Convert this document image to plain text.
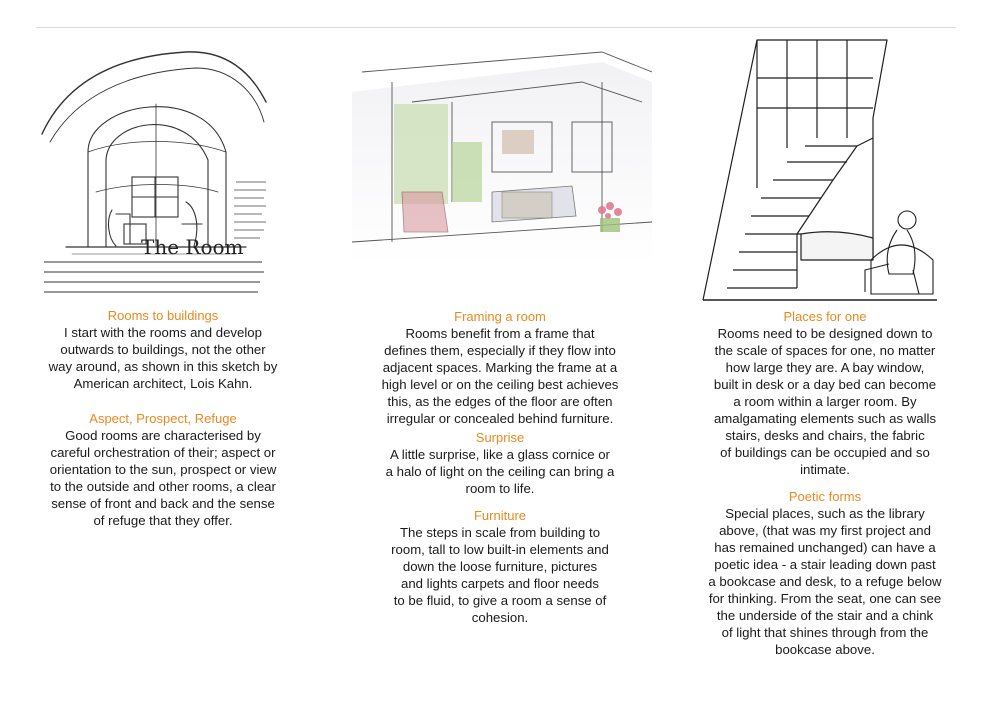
The Room
Rooms to buildings

I start with the rooms and develop
outwards to buildings, not the other
way around, as shown in this sketch by
American architect, Lois Kahn.

Aspect, Prospect, Refuge

Good rooms are characterised by
careful orchestration of their; aspect or
orientation to the sun, prospect or view
to the outside and other rooms, a clear
sense of front and back and the sense
of refuge that they offer.

Framing a room

Rooms benefit from a frame that
defines them, especially if they flow into
adjacent spaces. Marking the frame at a
high level or on the ceiling best achieves
this, as the edges of the floor are often
irregular or concealed behind furniture.

Surprise

A little surprise, like a glass cornice or
a halo of light on the ceiling can bring a
room to life.

Furniture

The steps in scale from building to
room, tall to low built-in elements and
down the loose furniture, pictures
and lights carpets and floor needs
to be fluid, to give a room a sense of
cohesion.

Places for one

Rooms need to be designed down to
the scale of spaces for one, no matter
how large they are. A bay window,
built in desk or a day bed can become
a room within a larger room. By
amalgamating elements such as walls
stairs, desks and chairs, the fabric
of buildings can be occupied and so
intimate.

Poetic forms

Special places, such as the library
above, (that was my first project and
has remained unchanged) can have a
poetic idea - a stair leading down past
a bookcase and desk, to a refuge below
for thinking. From the seat, one can see
the underside of the stair and a chink
of light that shines through from the
bookcase above.
